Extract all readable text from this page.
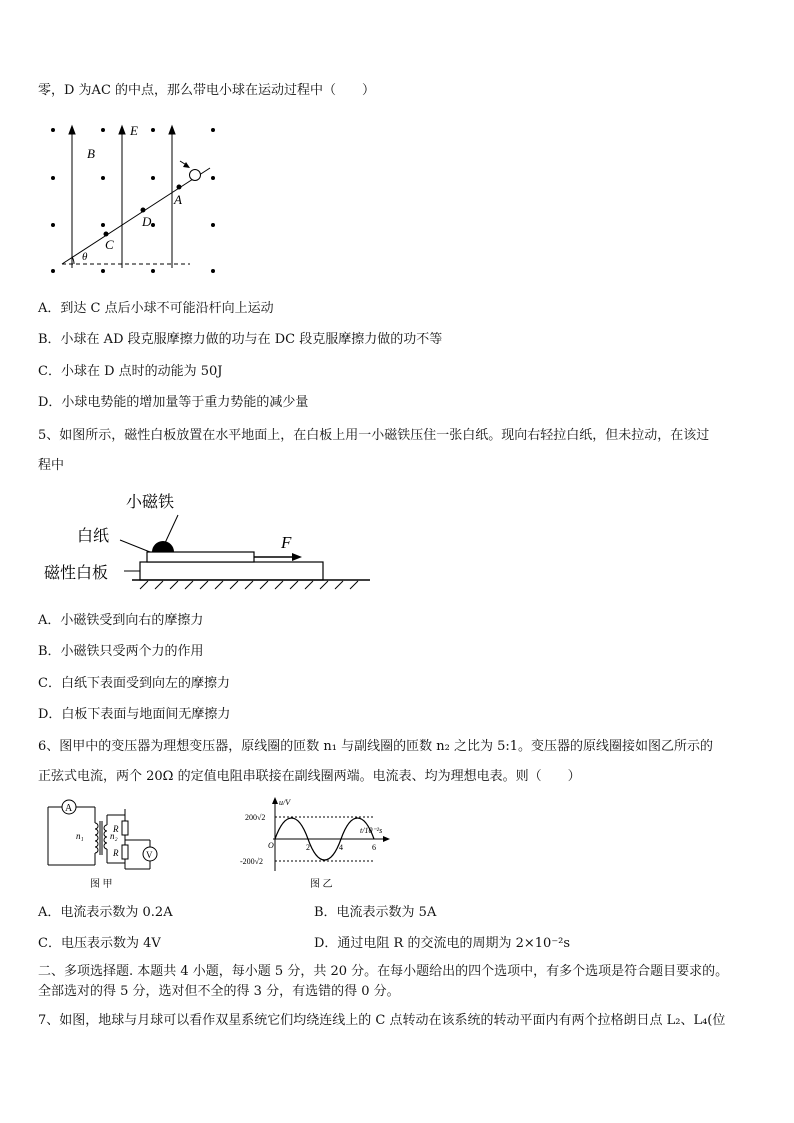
零，D 为AC 的中点，那么带电小球在运动过程中（　　）
E
B
A
D
C
θ
A．到达 C 点后小球不可能沿杆向上运动
B．小球在 AD 段克服摩擦力做的功与在 DC 段克服摩擦力做的功不等
C．小球在 D 点时的动能为 50J
D．小球电势能的增加量等于重力势能的减少量
5、如图所示，磁性白板放置在水平地面上，在白板上用一小磁铁压住一张白纸。现向右轻拉白纸，但未拉动，在该过
程中
小磁铁
白纸
磁性白板
F
A．小磁铁受到向右的摩擦力
B．小磁铁只受两个力的作用
C．白纸下表面受到向左的摩擦力
D．白板下表面与地面间无摩擦力
6、图甲中的变压器为理想变压器，原线圈的匝数 n₁ 与副线圈的匝数 n₂ 之比为 5:1。变压器的原线圈接如图乙所示的
正弦式电流，两个 20Ω 的定值电阻串联接在副线圈两端。电流表、均为理想电表。则（　　）
A
n₁	n₂
R
R	V
图 甲
u/V
t/10⁻²s
200√2
-200√2
O	2	4	6
图 乙
A．电流表示数为 0.2A	B．电流表示数为 5A
C．电压表示数为 4V	D．通过电阻 R 的交流电的周期为 2×10⁻²s
二、多项选择题. 本题共 4 小题，每小题 5 分，共 20 分。在每小题给出的四个选项中，有多个选项是符合题目要求的。
全部选对的得 5 分，选对但不全的得 3 分，有选错的得 0 分。
7、如图，地球与月球可以看作双星系统它们均绕连线上的 C 点转动在该系统的转动平面内有两个拉格朗日点 L₂、L₄(位
